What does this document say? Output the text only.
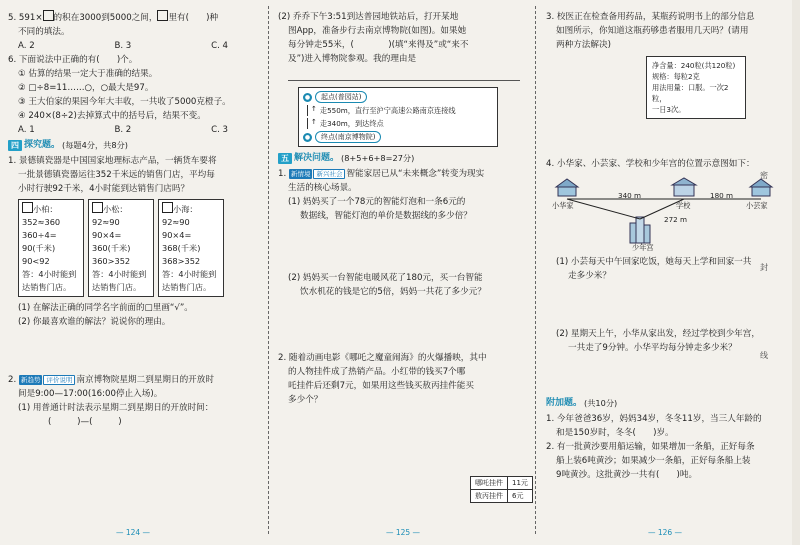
密
封
线

5. 591× 的积在3000到5000之间， 里有(　　)种

不同的填法。

A. 2	B. 3	C. 4

6. 下面说法中正确的有(　　)个。

① 估算的结果一定大于准确的结果。

② □÷8=11……○，○最大是97。

③ 王大伯家的果园今年大丰收，一共收了5000克橙子。

④ 240×(8÷2)去掉算式中的括号后，结果不变。

A. 1	B. 2	C. 3
四 探究题。 (每题4分，共8分)

1. 景德镇瓷器是中国国家地理标志产品，一辆货车要将

一批景德镇瓷器运往352千米远的销售门店，平均每

小时行驶92千米，4小时能到达销售门店吗？

小柏：

352≈360

360÷4=

90(千米)

90<92

答：4小时能到

达销售门店。

小松：

92≈90

90×4=

360(千米)

360>352

答：4小时能到

达销售门店。

小海：

92≈90

90×4=

368(千米)

368>352

答：4小时能到

达销售门店。

(1) 在解法正确的同学名字前面的□里画“√”。

(2) 你最喜欢谁的解法？说说你的理由。

2. 新趋势 评价说明 南京博物院星期二到星期日的开放时

间是9:00—17:00(16:00停止入场)。

(1) 用普通计时法表示星期二到星期日的开放时间：

(　　　)—(　　　)

— 124 —

(2) 乔乔下午3:51到达普园地铁站后，打开某地

图App，准备步行去南京博物院(如图)。如果她

每分钟走55米，(　　　　)(填“来得及”或“来不

及”)进入博物院参观。我的理由是

●	起点(普园站)
↑ 走550m，直行至沪宁高速公路南京连接线

↑ 走340m，到达终点

●	终点(南京博物院)
五 解决问题。 (8+5+6+8=27分)

1. 新情境 新兴社会 智能家居已从“未来概念”转变为现实

生活的核心场景。

(1) 妈妈买了一个78元的智能灯泡和一条6元的

数据线，智能灯泡的单价是数据线的多少倍？

(2) 妈妈买一台智能电暖风花了180元，买一台智能

饮水机花的钱是它的5倍，妈妈一共花了多少元？

2. 随着动画电影《哪吒之魔童闹海》的火爆播映，其中

的人物挂件成了热销产品。小红带的钱买7个哪

吒挂件后还剩7元，如果用这些钱买敖丙挂件能买

多少个？

哪吒挂件	11元
敖丙挂件	6元
— 125 —

3. 校医正在检查备用药品，某瓶药说明书上的部分信息

如图所示，你知道这瓶药够患者服用几天吗？(请用

两种方法解决)

净含量：240粒(共120粒)

规格：每粒2克

用法用量：口服。一次2粒，

一日3次。

4. 小华家、小芸家、学校和少年宫的位置示意图如下：

小华家
340 m
学校
180 m
小芸家
272 m
少年宫

(1) 小芸每天中午回家吃饭，她每天上学和回家一共

走多少米？

(2) 星期天上午，小华从家出发，经过学校到少年宫，

一共走了9分钟。小华平均每分钟走多少米？

附加题。 (共10分)

1. 今年爸爸36岁，妈妈34岁，冬冬11岁，当三人年龄的

和是150岁时，冬冬(　　)岁。

2. 有一批黄沙要用船运输，如果增加一条船，正好每条

船上装6吨黄沙；如果减少一条船，正好每条船上装

9吨黄沙。这批黄沙一共有(　　)吨。

— 126 —
